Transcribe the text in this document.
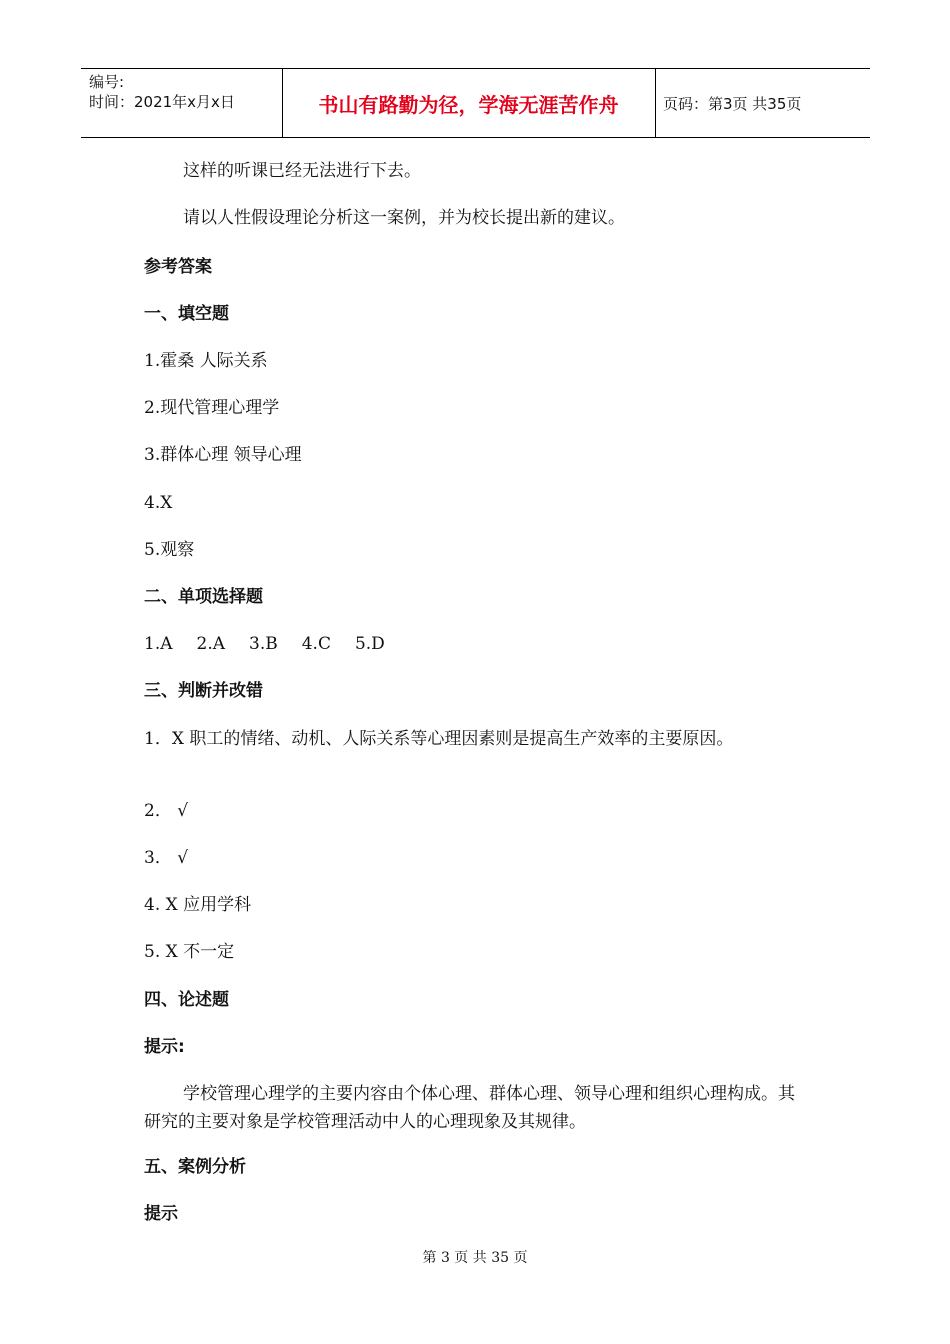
编号:
时间：2021年x月x日	书山有路勤为径，学海无涯苦作舟	页码：第3页 共35页
这样的听课已经无法进行下去。
请以人性假设理论分析这一案例，并为校长提出新的建议。
参考答案
一、填空题
1.霍桑 人际关系
2.现代管理心理学
3.群体心理 领导心理
4.X
5.观察
二、单项选择题
1.A 2.A 3.B 4.C 5.D
三、判断并改错
1．X 职工的情绪、动机、人际关系等心理因素则是提高生产效率的主要原因。
2． √
3． √
4. X 应用学科
5. X 不一定
四、论述题
提示:
学校管理心理学的主要内容由个体心理、群体心理、领导心理和组织心理构成。其研究的主要对象是学校管理活动中人的心理现象及其规律。
五、案例分析
提示
第 3 页 共 35 页
